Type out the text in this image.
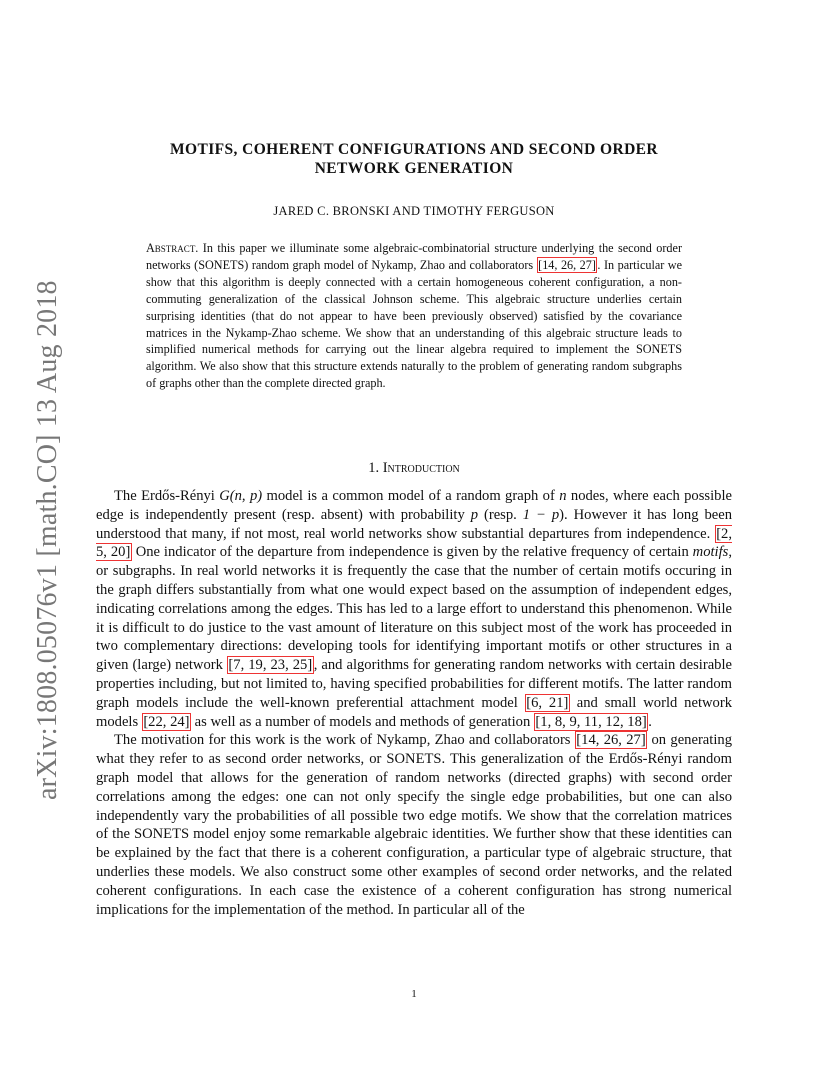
arXiv:1808.05076v1 [math.CO] 13 Aug 2018
MOTIFS, COHERENT CONFIGURATIONS AND SECOND ORDER
NETWORK GENERATION
JARED C. BRONSKI AND TIMOTHY FERGUSON
Abstract. In this paper we illuminate some algebraic-combinatorial structure underlying the second order networks (SONETS) random graph model of Nykamp, Zhao and collaborators [14, 26, 27] . In particular we show that this algorithm is deeply connected with a certain homogeneous coherent configuration, a non-commuting generalization of the classical Johnson scheme. This algebraic structure underlies certain surprising identities (that do not appear to have been previously observed) satisfied by the covariance matrices in the Nykamp-Zhao scheme. We show that an understanding of this algebraic structure leads to simplified numerical methods for carrying out the linear algebra required to implement the SONETS algorithm. We also show that this structure extends naturally to the problem of generating random subgraphs of graphs other than the complete directed graph.
1. Introduction

The Erdős-Rényi G(n, p) model is a common model of a random graph of n nodes, where each possible edge is independently present (resp. absent) with probability p (resp. 1 − p). However it has long been understood that many, if not most, real world networks show substantial departures from independence. [2, 5, 20] One indicator of the departure from independence is given by the relative frequency of certain motifs, or subgraphs. In real world networks it is frequently the case that the number of certain motifs occuring in the graph differs substantially from what one would expect based on the assumption of independent edges, indicating correlations among the edges. This has led to a large effort to understand this phenomenon. While it is difficult to do justice to the vast amount of literature on this subject most of the work has proceeded in two complementary directions: developing tools for identifying important motifs or other structures in a given (large) network [7, 19, 23, 25] , and algorithms for generating random networks with certain desirable properties including, but not limited to, having specified probabilities for different motifs. The latter random graph models include the well-known preferential attachment model [6, 21] and small world network models [22, 24] as well as a number of models and methods of generation [1, 8, 9, 11, 12, 18] .

The motivation for this work is the work of Nykamp, Zhao and collaborators [14, 26, 27] on generating what they refer to as second order networks, or SONETS. This generalization of the Erdős-Rényi random graph model that allows for the generation of random networks (directed graphs) with second order correlations among the edges: one can not only specify the single edge probabilities, but one can also independently vary the probabilities of all possible two edge motifs. We show that the correlation matrices of the SONETS model enjoy some remarkable algebraic identities. We further show that these identities can be explained by the fact that there is a coherent configuration, a particular type of algebraic structure, that underlies these models. We also construct some other examples of second order networks, and the related coherent configurations. In each case the existence of a coherent configuration has strong numerical implications for the implementation of the method. In particular all of the

1
